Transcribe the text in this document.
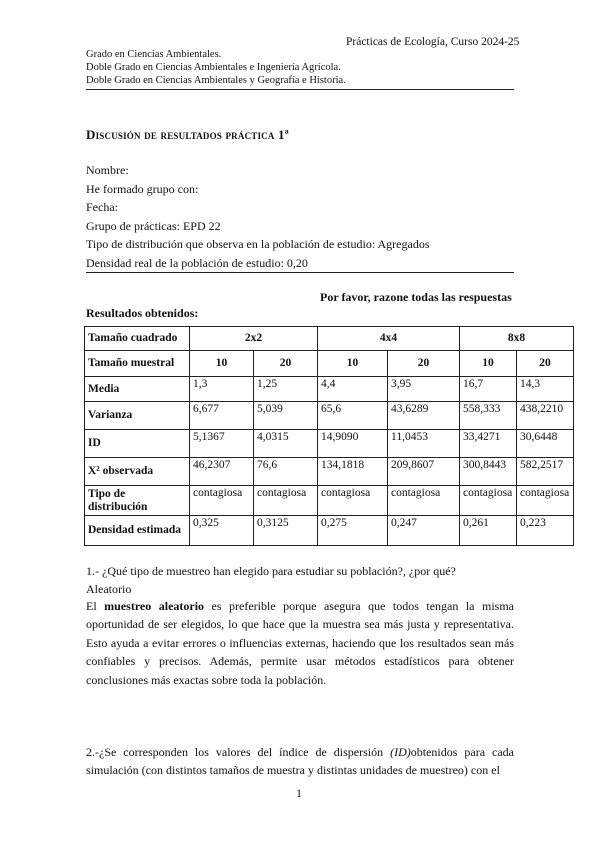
Prácticas de Ecología, Curso 2024-25
Grado en Ciencias Ambientales.
Doble Grado en Ciencias Ambientales e Ingeniería Agrícola.
Doble Grado en Ciencias Ambientales y Geografía e Historia.
Discusión de resultados práctica 1ª
Nombre:
He formado grupo con:
Fecha:
Grupo de prácticas: EPD 22
Tipo de distribución que observa en la población de estudio: Agregados
Densidad real de la población de estudio: 0,20
Por favor, razone todas las respuestas
Resultados obtenidos:
Tamaño cuadrado	2x2		4x4		8x8	
Tamaño muestral	10	20	10	20	10	20
Media	1,3	1,25	4,4	3,95	16,7	14,3
Varianza	6,677	5,039	65,6	43,6289	558,333	438,2210
ID	5,1367	4,0315	14,9090	11,0453	33,4271	30,6448
X² observada	46,2307	76,6	134,1818	209,8607	300,8443	582,2517
Tipo de distribución	contagiosa	contagiosa	contagiosa	contagiosa	contagiosa	contagiosa
Densidad estimada	0,325	0,3125	0,275	0,247	0,261	0,223
1.- ¿Qué tipo de muestreo han elegido para estudiar su población?, ¿por qué?
Aleatorio
El muestreo aleatorio es preferible porque asegura que todos tengan la misma oportunidad de ser elegidos, lo que hace que la muestra sea más justa y representativa. Esto ayuda a evitar errores o influencias externas, haciendo que los resultados sean más confiables y precisos. Además, permite usar métodos estadísticos para obtener conclusiones más exactas sobre toda la población.
2.-¿Se corresponden los valores del índice de dispersión (ID)obtenidos para cada simulación (con distintos tamaños de muestra y distintas unidades de muestreo) con el
1
